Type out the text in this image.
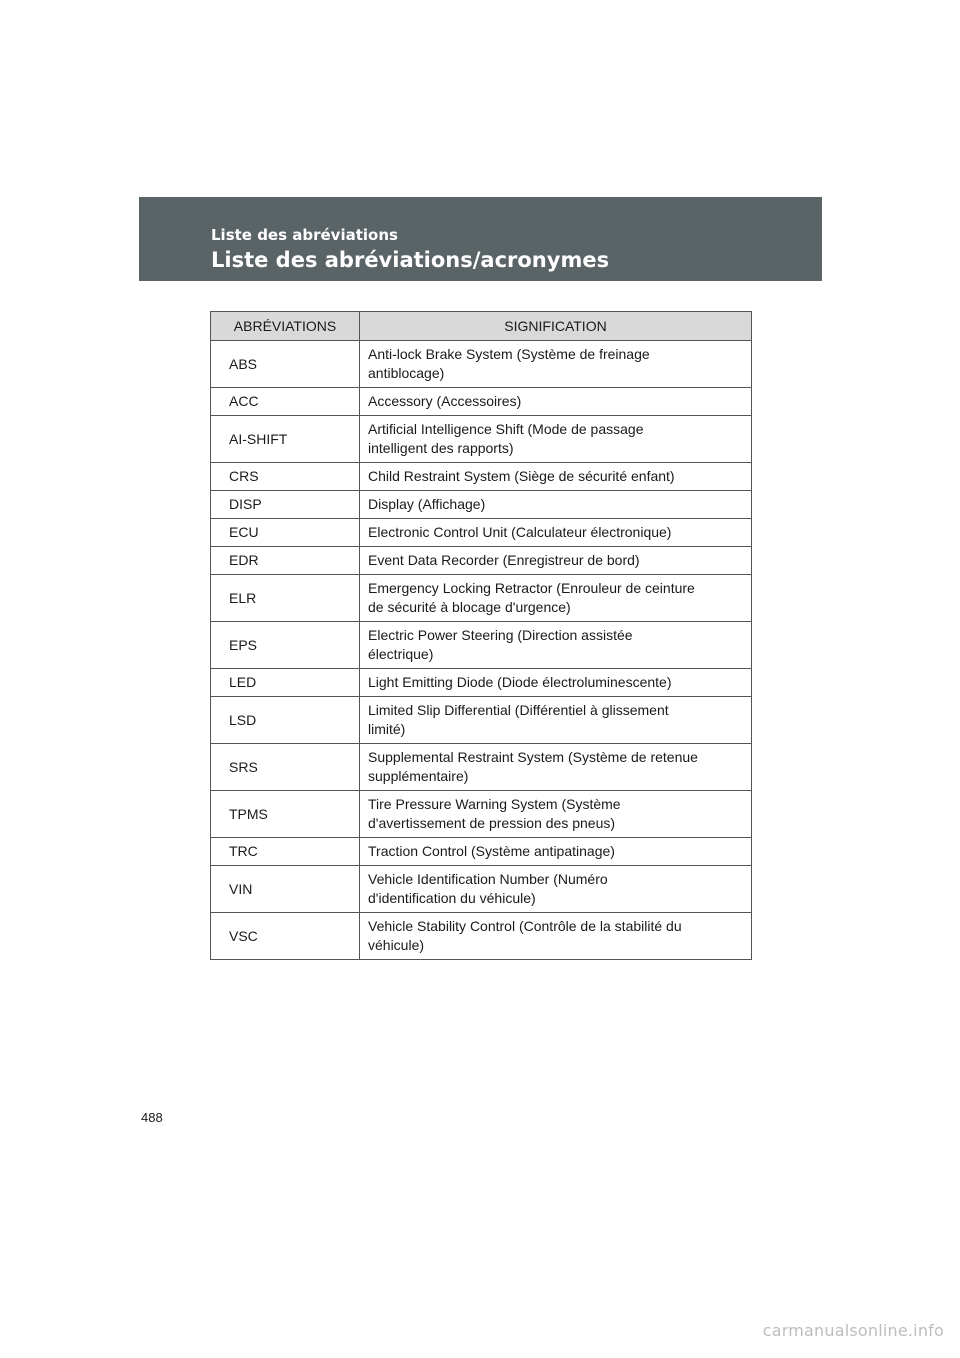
Liste des abréviations
Liste des abréviations/acronymes
ABRÉVIATIONS	SIGNIFICATION
ABS	Anti-lock Brake System (Système de freinage
antiblocage)

ACC	Accessory (Accessoires)

AI-SHIFT	Artificial Intelligence Shift (Mode de passage
intelligent des rapports)

CRS	Child Restraint System (Siège de sécurité enfant)

DISP	Display (Affichage)

ECU	Electronic Control Unit (Calculateur électronique)

EDR	Event Data Recorder (Enregistreur de bord)

ELR	Emergency Locking Retractor (Enrouleur de ceinture
de sécurité à blocage d'urgence)

EPS	Electric Power Steering (Direction assistée
électrique)

LED	Light Emitting Diode (Diode électroluminescente)

LSD	Limited Slip Differential (Différentiel à glissement
limité)

SRS	Supplemental Restraint System (Système de retenue
supplémentaire)

TPMS	Tire Pressure Warning System (Système
d'avertissement de pression des pneus)

TRC	Traction Control (Système antipatinage)

VIN	Vehicle Identification Number (Numéro
d'identification du véhicule)

VSC	Vehicle Stability Control (Contrôle de la stabilité du
véhicule)
488
carmanualsonline.info
